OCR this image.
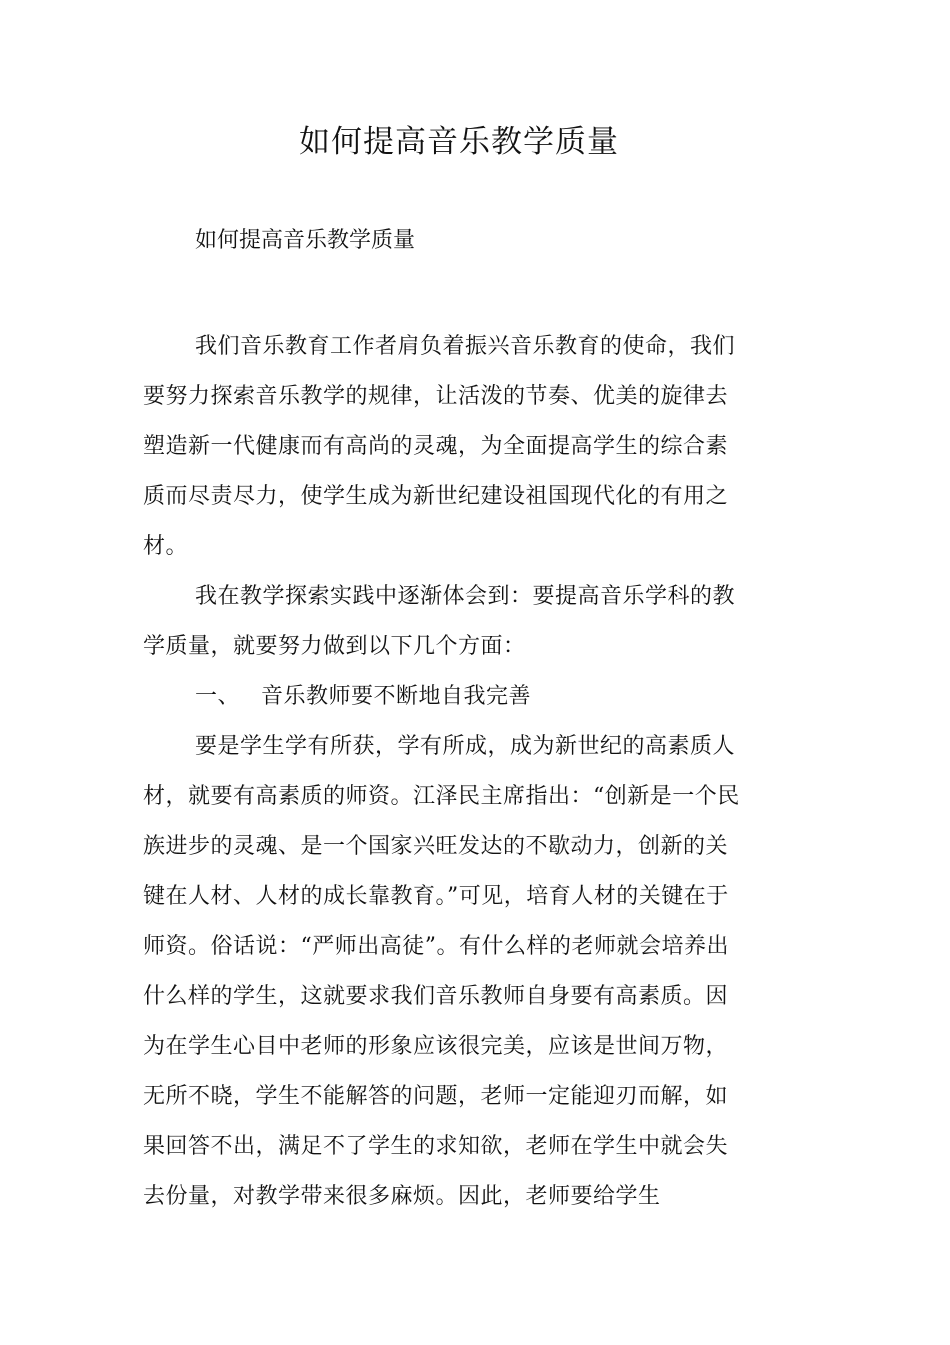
如何提高音乐教学质量
如何提高音乐教学质量

我们音乐教育工作者肩负着振兴音乐教育的使命，我们要努力探索音乐教学的规律，让活泼的节奏、优美的旋律去塑造新一代健康而有高尚的灵魂，为全面提高学生的综合素质而尽责尽力，使学生成为新世纪建设祖国现代化的有用之材。

我在教学探索实践中逐渐体会到：要提高音乐学科的教学质量，就要努力做到以下几个方面：

一、 音乐教师要不断地自我完善

要是学生学有所获，学有所成，成为新世纪的高素质人材，就要有高素质的师资。江泽民主席指出：“创新是一个民族进步的灵魂、是一个国家兴旺发达的不歇动力，创新的关键在人材、人材的成长靠教育。”可见，培育人材的关键在于师资。俗话说：“严师出高徒”。有什么样的老师就会培养出什么样的学生，这就要求我们音乐教师自身要有高素质。因为在学生心目中老师的形象应该很完美，应该是世间万物，无所不晓，学生不能解答的问题，老师一定能迎刃而解，如果回答不出，满足不了学生的求知欲，老师在学生中就会失去份量，对教学带来很多麻烦。因此，老师要给学生
